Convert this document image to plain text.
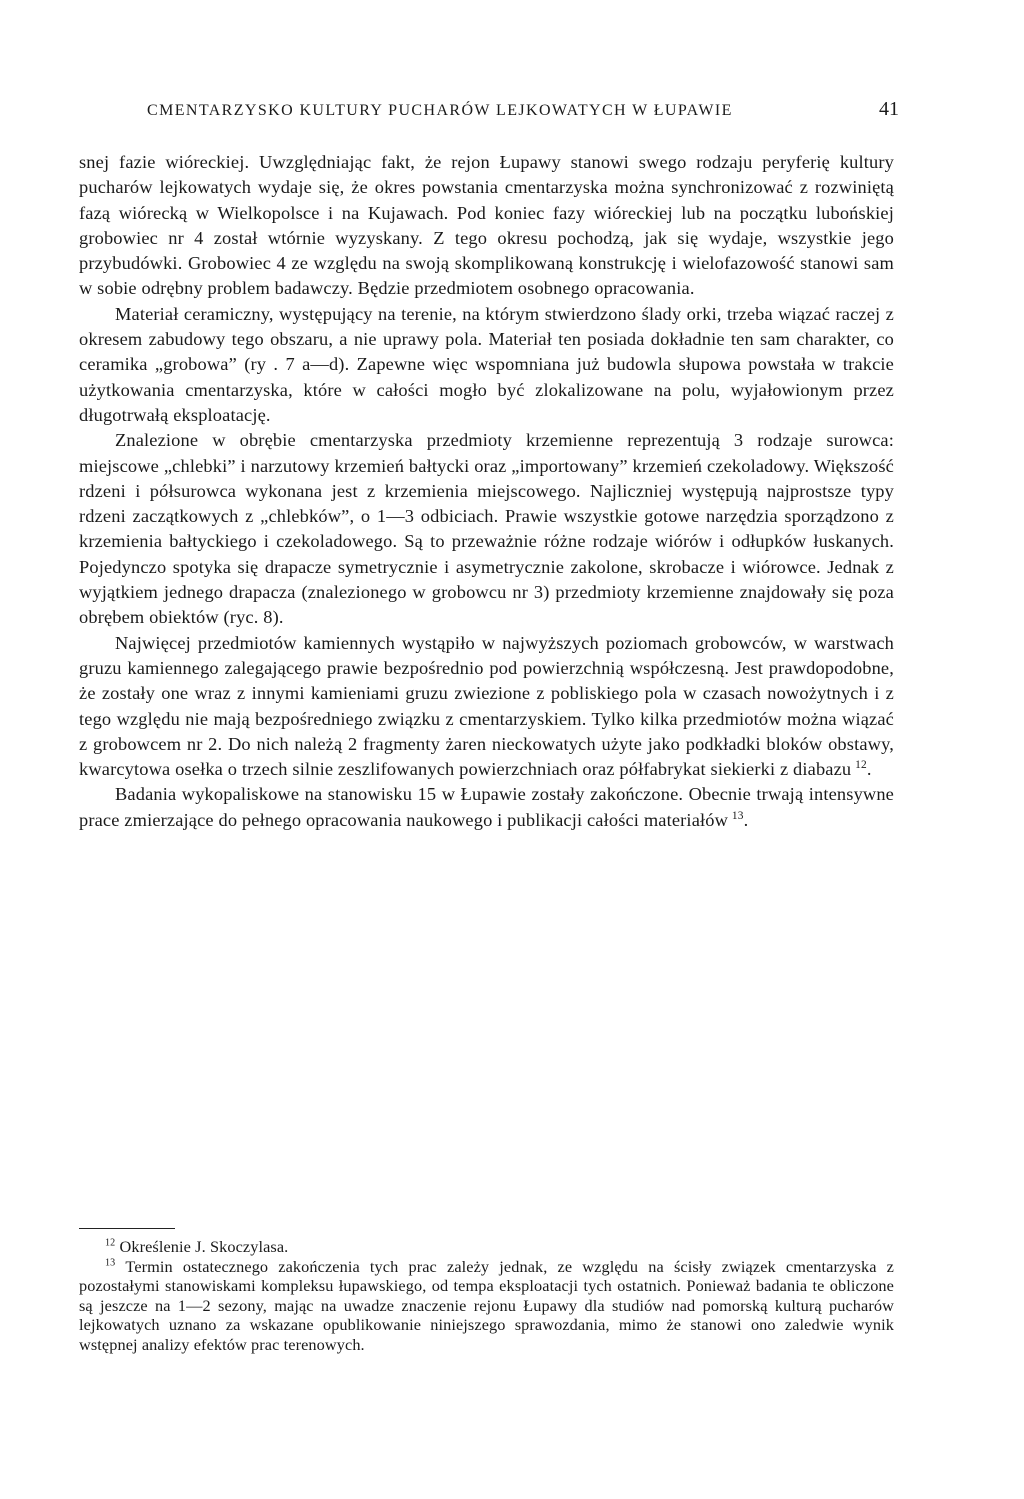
CMENTARZYSKO KULTURY PUCHARÓW LEJKOWATYCH W ŁUPAWIE	41

snej fazie wióreckiej. Uwzględniając fakt, że rejon Łupawy stanowi swego rodzaju peryferię kultury pucharów lejkowatych wydaje się, że okres powstania cmentarzyska można synchronizować z rozwiniętą fazą wiórecką w Wielkopolsce i na Kujawach. Pod koniec fazy wióreckiej lub na początku lubońskiej grobowiec nr 4 został wtórnie wyzyskany. Z tego okresu pochodzą, jak się wydaje, wszystkie jego przybudówki. Grobowiec 4 ze względu na swoją skomplikowaną konstrukcję i wielofazowość stanowi sam w sobie odrębny problem badawczy. Będzie przedmiotem osobnego opracowania.

Materiał ceramiczny, występujący na terenie, na którym stwierdzono ślady orki, trzeba wiązać raczej z okresem zabudowy tego obszaru, a nie uprawy pola. Materiał ten posiada dokładnie ten sam charakter, co ceramika „grobowa” (ry . 7 a—d). Zapewne więc wspomniana już budowla słupowa powstała w trakcie użytkowania cmentarzyska, które w całości mogło być zlokalizowane na polu, wyjałowionym przez długotrwałą eksploatację.

Znalezione w obrębie cmentarzyska przedmioty krzemienne reprezentują 3 rodzaje surowca: miejscowe „chlebki” i narzutowy krzemień bałtycki oraz „importowany” krzemień czekoladowy. Większość rdzeni i półsurowca wykonana jest z krzemienia miejscowego. Najliczniej występują najprostsze typy rdzeni zaczątkowych z „chlebków”, o 1—3 odbiciach. Prawie wszystkie gotowe narzędzia sporządzono z krzemienia bałtyckiego i czekoladowego. Są to przeważnie różne rodzaje wiórów i odłupków łuskanych. Pojedynczo spotyka się drapacze symetrycznie i asymetrycznie zakolone, skrobacze i wiórowce. Jednak z wyjątkiem jednego drapacza (znalezionego w grobowcu nr 3) przedmioty krzemienne znajdowały się poza obrębem obiektów (ryc. 8).

Najwięcej przedmiotów kamiennych wystąpiło w najwyższych poziomach grobowców, w warstwach gruzu kamiennego zalegającego prawie bezpośrednio pod powierzchnią współczesną. Jest prawdopodobne, że zostały one wraz z innymi kamieniami gruzu zwiezione z pobliskiego pola w czasach nowożytnych i z tego względu nie mają bezpośredniego związku z cmentarzyskiem. Tylko kilka przedmiotów można wiązać z grobowcem nr 2. Do nich należą 2 fragmenty żaren nieckowatych użyte jako podkładki bloków obstawy, kwarcytowa osełka o trzech silnie zeszlifowanych powierzchniach oraz półfabrykat siekierki z diabazu  $^{12}$.

Badania wykopaliskowe na stanowisku 15 w Łupawie zostały zakończone. Obecnie trwają intensywne prace zmierzające do pełnego opracowania naukowego i publikacji całości materiałów  $^{13}$.

$^{12}$ Określenie J. Skoczylasa.

$^{13}$ Termin ostatecznego zakończenia tych prac zależy jednak, ze względu na ścisły związek cmentarzyska z pozostałymi stanowiskami kompleksu łupawskiego, od tempa eksploatacji tych ostatnich. Ponieważ badania te obliczone są jeszcze na 1—2 sezony, mając na uwadze znaczenie rejonu Łupawy dla studiów nad pomorską kulturą pucharów lejkowatych uznano za wskazane opublikowanie niniejszego sprawozdania, mimo że stanowi ono zaledwie wynik wstępnej analizy efektów prac terenowych.
